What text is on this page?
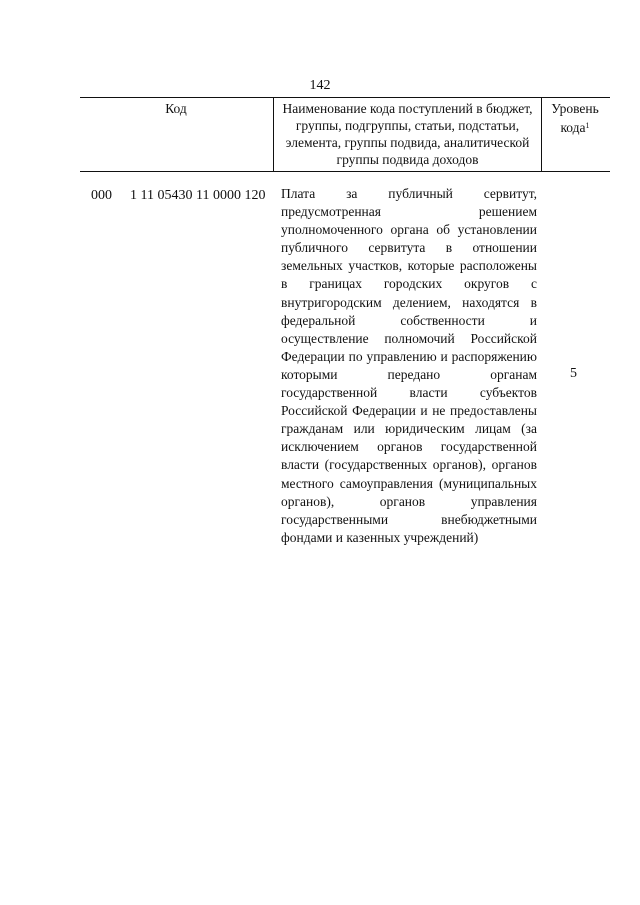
142
Код	Наименование кода поступлений в бюджет, группы, подгруппы, статьи, подстатьи, элемента, группы подвида, аналитической группы подвида доходов
Уровень кода$^1$
000 1 11 05430 11 0000 120 Плата за публичный сервитут, предусмотренная решением уполномоченного органа об установлении публичного сервитута в отношении земельных участков, которые расположены в границах городских округов с внутригородским делением, находятся в федеральной собственности и осуществление полномочий Российской Федерации по управлению и распоряжению которыми передано органам государственной власти субъектов Российской Федерации и не предоставлены гражданам или юридическим лицам (за исключением органов государственной власти (государственных органов), органов местного самоуправления (муниципальных органов), органов управления государственными внебюджетными фондами и казенных учреждений)
5
